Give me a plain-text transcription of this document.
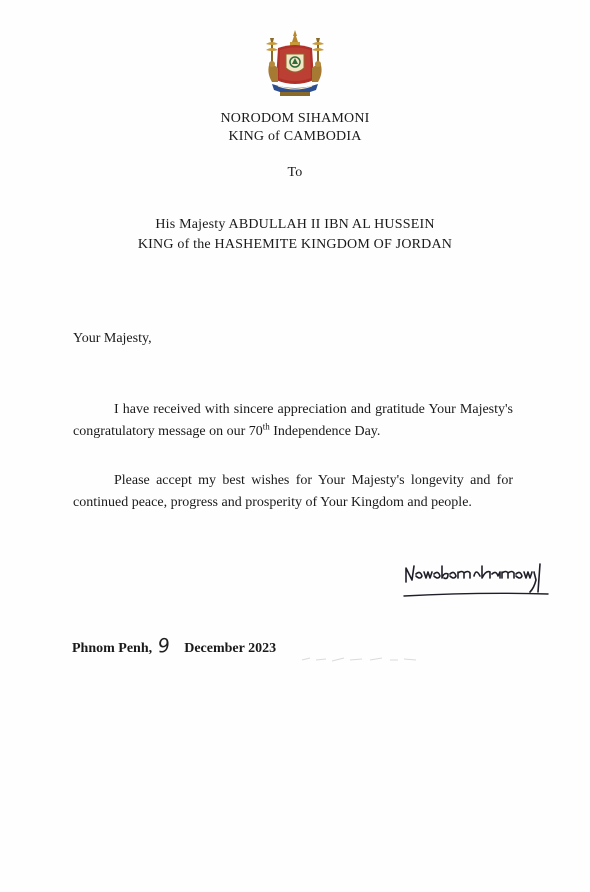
NORODOM SIHAMONI
KING of CAMBODIA
To
His Majesty ABDULLAH II IBN AL HUSSEIN
KING of the HASHEMITE KINGDOM OF JORDAN
Your Majesty,
I have received with sincere appreciation and gratitude Your Majesty's congratulatory message on our 70th Independence Day.
Please accept my best wishes for Your Majesty's longevity and for continued peace, progress and prosperity of Your Kingdom and people.
Phnom Penh, 9 December 2023
